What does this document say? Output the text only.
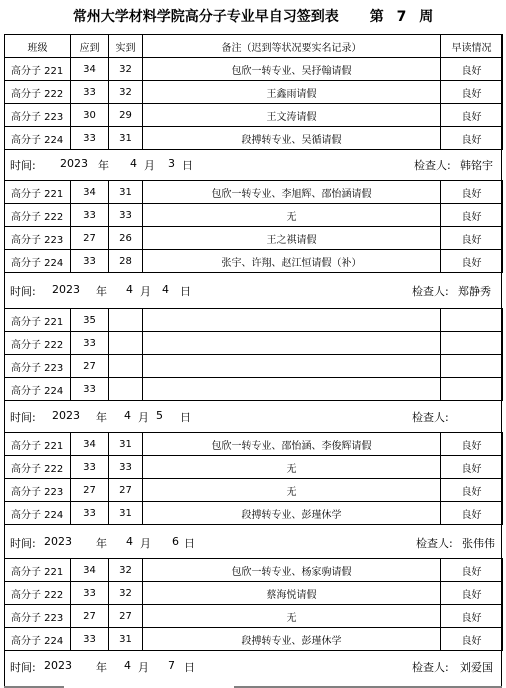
常州大学材料学院高分子专业早自习签到表 第 7 周
班级	应到	实到	备注（迟到等状况要实名记录）	早读情况
高分子 221	34	32	包欣一转专业、吴抒翰请假	良好
高分子 222	33	32	王鑫雨请假	良好
高分子 223	30	29	王文涛请假	良好
高分子 224	33	31	段搏转专业、吴循请假	良好
时间: 2023 年 4 月 3 日	检查人: 韩铭宇
高分子 221	34	31	包欣一转专业、李旭辉、邵怡涵请假	良好
高分子 222	33	33	无	良好
高分子 223	27	26	王之祺请假	良好
高分子 224	33	28	张宇、许翔、赵江恒请假（补）	良好
时间: 2023 年 4 月 4 日	检查人: 郑静秀
高分子 221	35			
高分子 222	33			
高分子 223	27			
高分子 224	33			
时间: 2023 年 4 月 5 日	检查人:
高分子 221	34	31	包欣一转专业、邵怡涵、李俊辉请假	良好
高分子 222	33	33	无	良好
高分子 223	27	27	无	良好
高分子 224	33	31	段搏转专业、彭瑾休学	良好
时间: 2023 年 4 月 6 日	检查人: 张伟伟
高分子 221	34	32	包欣一转专业、杨家驹请假	良好
高分子 222	33	32	蔡海悦请假	良好
高分子 223	27	27	无	良好
高分子 224	33	31	段搏转专业、彭瑾休学	良好
时间: 2023 年 4 月 7 日	检查人: 刘爱国
